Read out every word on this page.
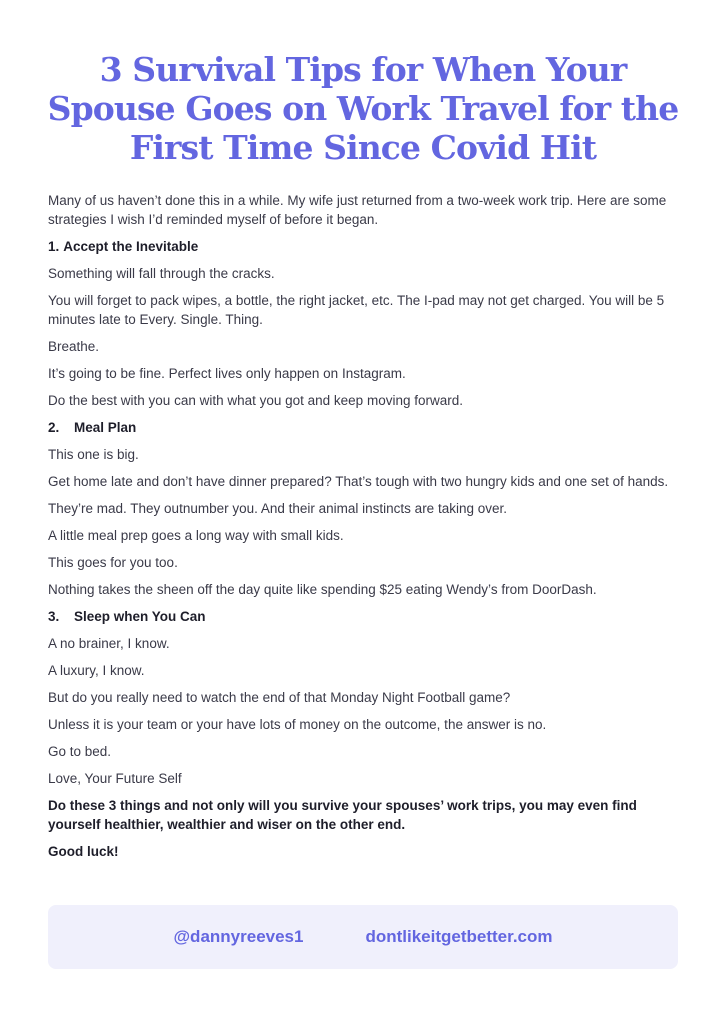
3 Survival Tips for When Your Spouse Goes on Work Travel for the First Time Since Covid Hit

Many of us haven’t done this in a while. My wife just returned from a two-week work trip. Here are some strategies I wish I’d reminded myself of before it began.

1. Accept the Inevitable

Something will fall through the cracks.

You will forget to pack wipes, a bottle, the right jacket, etc. The I-pad may not get charged. You will be 5 minutes late to Every. Single. Thing.

Breathe.

It’s going to be fine. Perfect lives only happen on Instagram.

Do the best with you can with what you got and keep moving forward.

2. Meal Plan

This one is big.

Get home late and don’t have dinner prepared? That’s tough with two hungry kids and one set of hands.

They’re mad. They outnumber you. And their animal instincts are taking over.

A little meal prep goes a long way with small kids.

This goes for you too.

Nothing takes the sheen off the day quite like spending $25 eating Wendy’s from DoorDash.

3. Sleep when You Can

A no brainer, I know.

A luxury, I know.

But do you really need to watch the end of that Monday Night Football game?

Unless it is your team or your have lots of money on the outcome, the answer is no.

Go to bed.

Love, Your Future Self

Do these 3 things and not only will you survive your spouses’ work trips, you may even find yourself healthier, wealthier and wiser on the other end.

Good luck!

@dannyreeves1	dontlikeitgetbetter.com
